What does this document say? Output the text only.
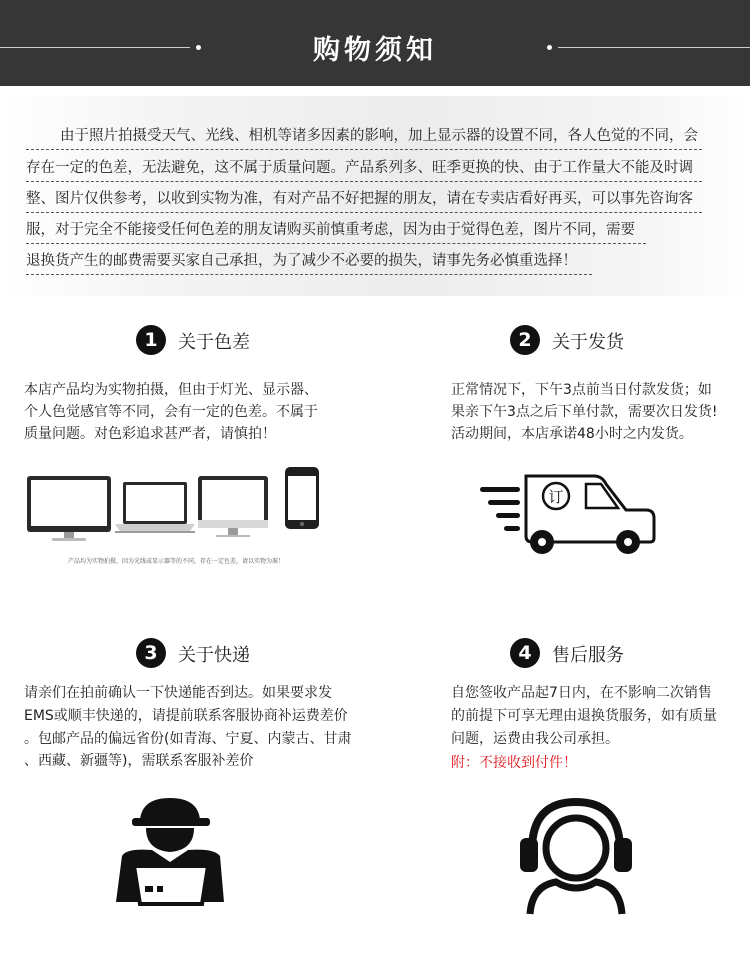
购物须知
由于照片拍摄受天气、光线、相机等诸多因素的影响，加上显示器的设置不同，各人色觉的不同，会
存在一定的色差，无法避免，这不属于质量问题。产品系列多、旺季更换的快、由于工作量大不能及时调
整、图片仅供参考，以收到实物为准，有对产品不好把握的朋友，请在专卖店看好再买，可以事先咨询客
服，对于完全不能接受任何色差的朋友请购买前慎重考虑，因为由于觉得色差，图片不同，需要
退换货产生的邮费需要买家自己承担，为了减少不必要的损失，请事先务必慎重选择！
1	关于色差
本店产品均为实物拍摄，但由于灯光、显示器、
个人色觉感官等不同，会有一定的色差。不属于
质量问题。对色彩追求甚严者，请慎拍！
产品均为实物拍摄，因为光线或显示器等的不同，存在一定色差，请以实物为准！
2	关于发货
正常情况下，下午3点前当日付款发货；如
果亲下午3点之后下单付款，需要次日发货!
活动期间，本店承诺48小时之内发货。
订
3	关于快递
请亲们在拍前确认一下快递能否到达。如果要求发
EMS或顺丰快递的，请提前联系客服协商补运费差价
。包邮产品的偏远省份(如青海、宁夏、内蒙古、甘肃
、西藏、新疆等)，需联系客服补差价
4	售后服务
自您签收产品起7日内，在不影响二次销售
的前提下可享无理由退换货服务，如有质量
问题，运费由我公司承担。
附：不接收到付件！
